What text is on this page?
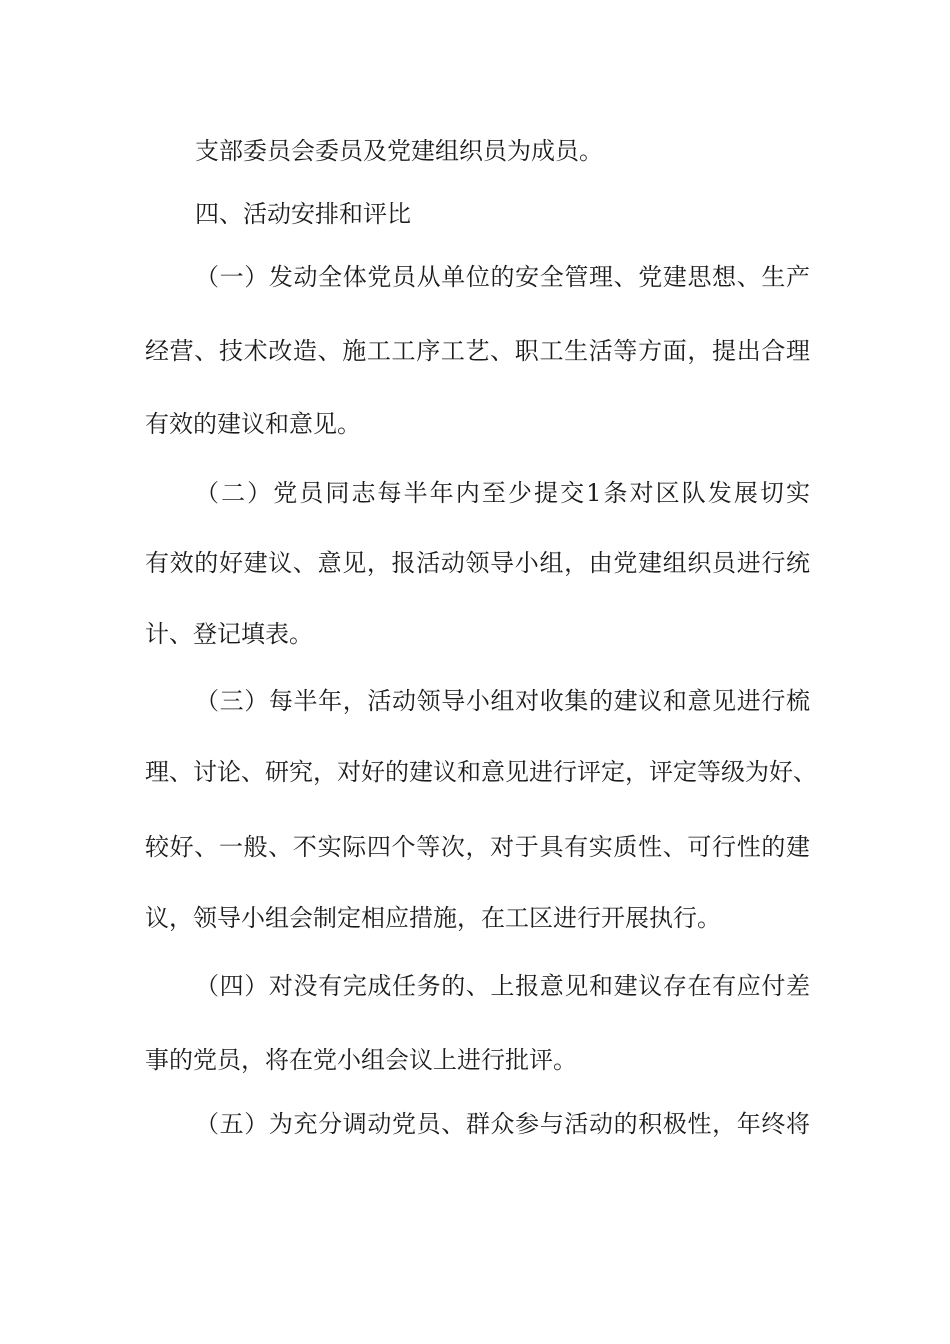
支部委员会委员及党建组织员为成员。
四、活动安排和评比
（一）发动全体党员从单位的安全管理、党建思想、生产
经营、技术改造、施工工序工艺、职工生活等方面，提出合理
有效的建议和意见。
（二）党员同志每半年内至少提交1条对区队发展切实
有效的好建议、意见，报活动领导小组，由党建组织员进行统
计、登记填表。
（三）每半年，活动领导小组对收集的建议和意见进行梳
理、讨论、研究，对好的建议和意见进行评定，评定等级为好、
较好、一般、不实际四个等次，对于具有实质性、可行性的建
议，领导小组会制定相应措施，在工区进行开展执行。
（四）对没有完成任务的、上报意见和建议存在有应付差
事的党员，将在党小组会议上进行批评。
（五）为充分调动党员、群众参与活动的积极性，年终将
